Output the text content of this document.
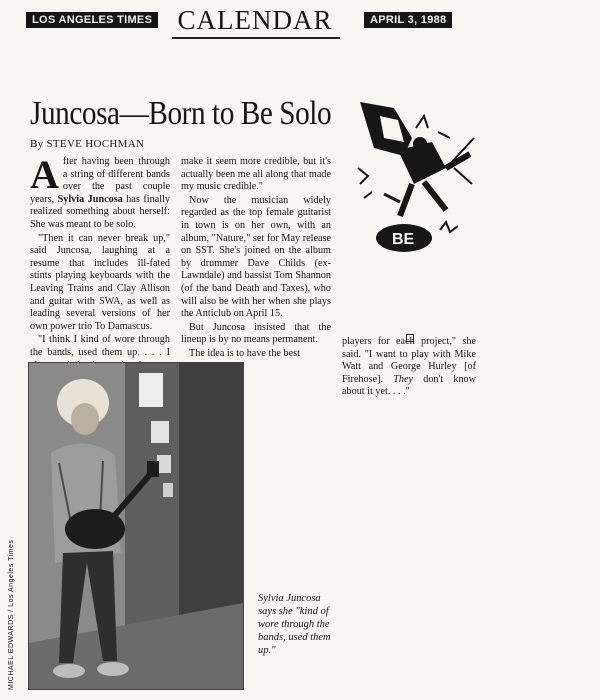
LOS ANGELES TIMES CALENDAR	APRIL 3, 1988
Juncosa—Born to Be Solo
By STEVE HOCHMAN

After having been through a string of different bands over the past couple years, Sylvia Juncosa has finally realized something about herself: She was meant to be solo.

"Then it can never break up," said Juncosa, laughing at a resume that includes ill-fated stints playing keyboards with the Leaving Trains and Clay Allison and guitar with SWA, as well as leading several versions of her own power trio To Damascus.

"I think I kind of wore through the bands, used them up. . . . I

make it seem more credible, but it's actually been me all along that made my music credible."

Now the musician widely regarded as the top female guitarist in town is on her own, with an album, "Nature," set for May release on SST. She's joined on the album by drummer Dave Childs (ex-Lawndale) and bassist Tom Shannon (of the band Death and Taxes), who will also be with her when she plays the Anticlub on April 15.

But Juncosa insisted that the lineup is by no means permanent.

The idea is to have the best

players for each project," she said. "I want to play with Mike Watt and George Hurley [of Firehose]. They don't know about it yet. . . ."

BE
MICHAEL EDWARDS / Los Angeles Times	Sylvia Juncosa says she "kind of wore through the bands, used them up."
